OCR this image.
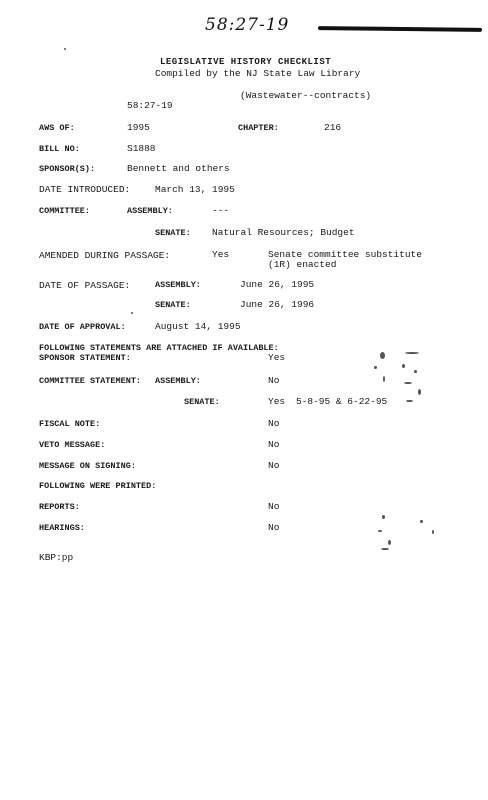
58:27-19
LEGISLATIVE HISTORY CHECKLIST
Compiled by the NJ State Law Library
(Wastewater--contracts)
58:27-19
AWS OF:	1995	CHAPTER:	216
BILL NO:	S1888
SPONSOR(S):	Bennett and others
DATE INTRODUCED:	March 13, 1995
COMMITTEE:	ASSEMBLY:	---
SENATE: Natural Resources; Budget
AMENDED DURING PASSAGE:	Yes	Senate committee substitute
(1R) enacted
DATE OF PASSAGE:	ASSEMBLY:	June 26, 1995
SENATE:	June 26, 1996
DATE OF APPROVAL:	August 14, 1995
FOLLOWING STATEMENTS ARE ATTACHED IF AVAILABLE:
SPONSOR STATEMENT:	Yes
COMMITTEE STATEMENT: ASSEMBLY:	No
SENATE:	Yes 5-8-95 & 6-22-95
FISCAL NOTE:	No
VETO MESSAGE:	No
MESSAGE ON SIGNING:	No
FOLLOWING WERE PRINTED:
REPORTS:	No
HEARINGS:	No
KBP:pp
